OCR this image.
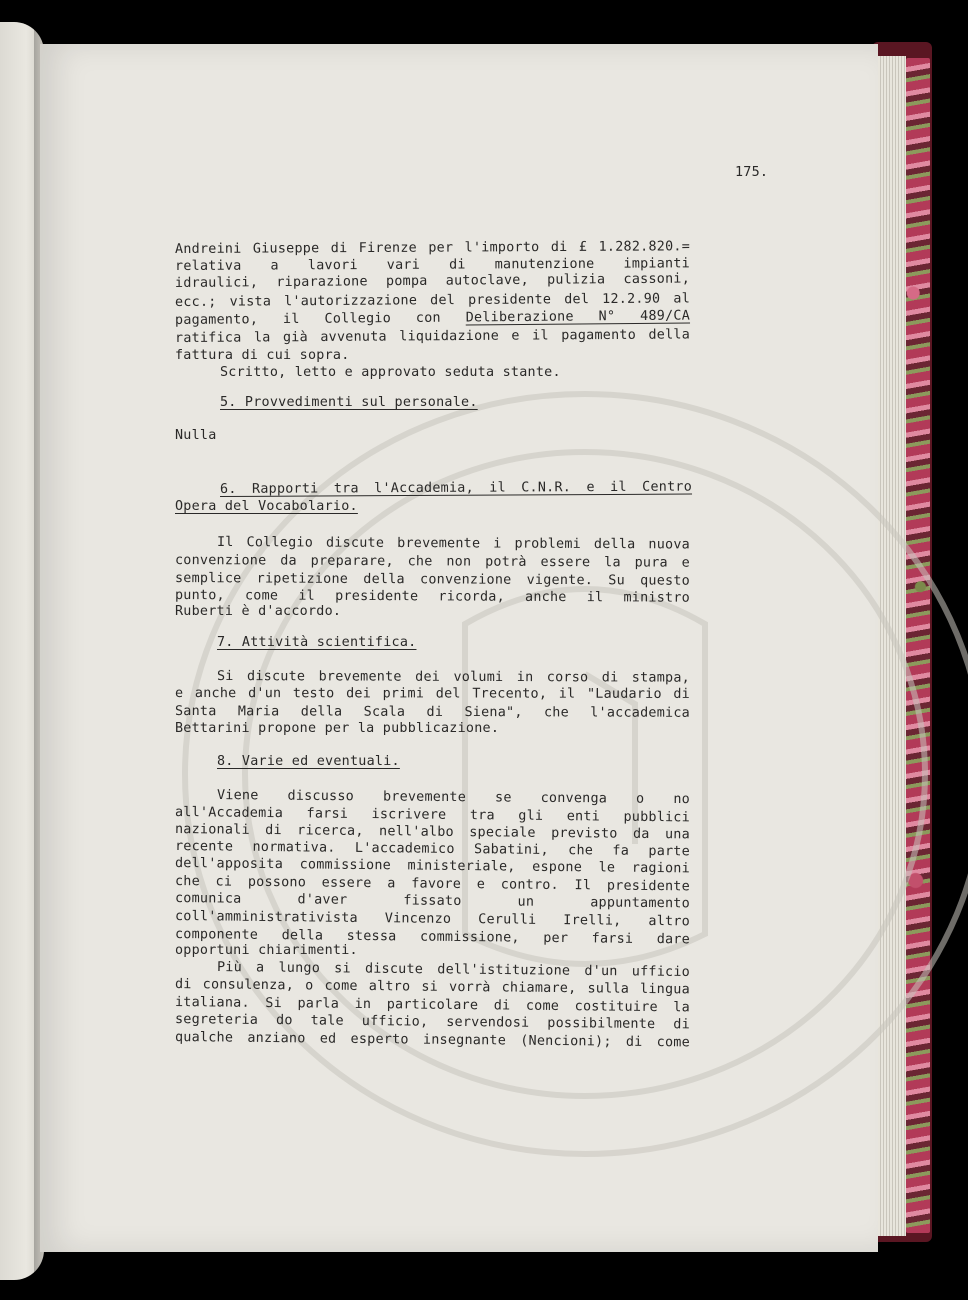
175.

Andreini Giuseppe di Firenze per l'importo di £ 1.282.820.=

relativa a lavori vari di manutenzione impianti

idraulici, riparazione pompa autoclave, pulizia cassoni,

ecc.; vista l'autorizzazione del presidente del 12.2.90 al

pagamento, il Collegio con Deliberazione N° 489/CA

ratifica la già avvenuta liquidazione e il pagamento della

fattura di cui sopra.

Scritto, letto e approvato seduta stante.

5. Provvedimenti sul personale.

Nulla

6. Rapporti tra l'Accademia, il C.N.R. e il Centro

Opera del Vocabolario.

Il Collegio discute brevemente i problemi della nuova

convenzione da preparare, che non potrà essere la pura e

semplice ripetizione della convenzione vigente. Su questo

punto, come il presidente ricorda, anche il ministro

Ruberti è d'accordo.

7. Attività scientifica.

Si discute brevemente dei volumi in corso di stampa,

e anche d'un testo dei primi del Trecento, il "Laudario di

Santa Maria della Scala di Siena", che l'accademica

Bettarini propone per la pubblicazione.

8. Varie ed eventuali.

Viene discusso brevemente se convenga o no

all'Accademia farsi iscrivere tra gli enti pubblici

nazionali di ricerca, nell'albo speciale previsto da una

recente normativa. L'accademico Sabatini, che fa parte

dell'apposita commissione ministeriale, espone le ragioni

che ci possono essere a favore e contro. Il presidente

comunica d'aver fissato un appuntamento

coll'amministrativista Vincenzo Cerulli Irelli, altro

componente della stessa commissione, per farsi dare

opportuni chiarimenti.

Più a lungo si discute dell'istituzione d'un ufficio

di consulenza, o come altro si vorrà chiamare, sulla lingua

italiana. Si parla in particolare di come costituire la

segreteria do tale ufficio, servendosi possibilmente di

qualche anziano ed esperto insegnante (Nencioni); di come
